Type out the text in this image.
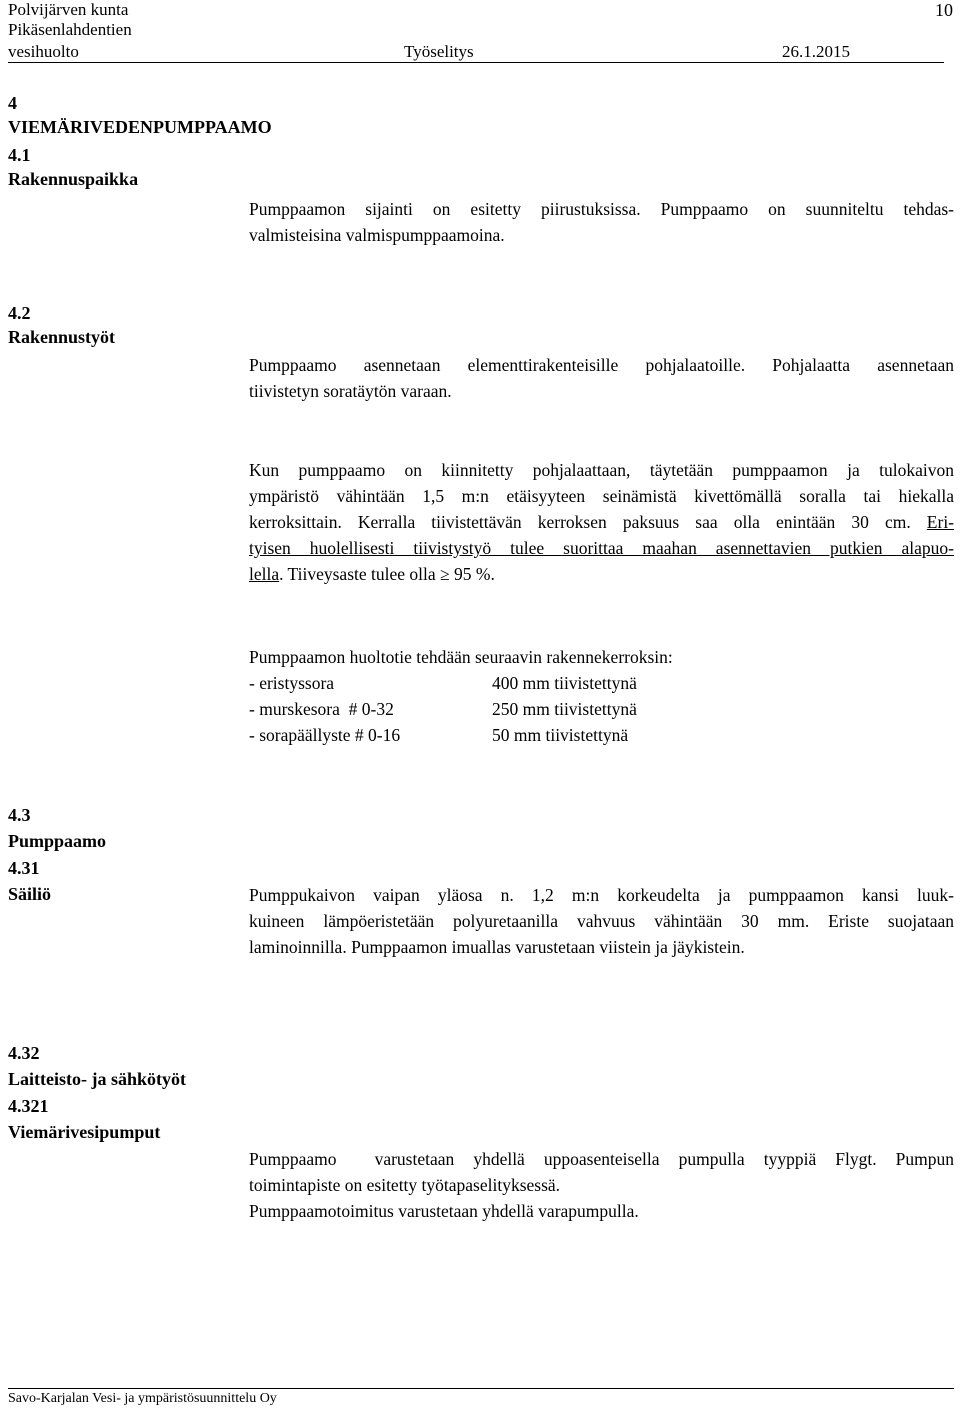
Polvijärven kunta
Pikäsenlahdentien

vesihuolto	Työselitys	26.1.2015
10
4
VIEMÄRIVEDENPUMPPAAMO
4.1
Rakennuspaikka
Pumppaamon sijainti on esitetty piirustuksissa. Pumppaamo on suunniteltu tehdas-
valmisteisina valmispumppaamoina.
4.2
Rakennustyöt
Pumppaamo asennetaan elementtirakenteisille pohjalaatoille. Pohjalaatta asennetaan
tiivistetyn soratäytön varaan.
Kun pumppaamo on kiinnitetty pohjalaattaan, täytetään pumppaamon ja tulokaivon
ympäristö vähintään 1,5 m:n etäisyyteen seinämistä kivettömällä soralla tai hiekalla
kerroksittain. Kerralla tiivistettävän kerroksen paksuus saa olla enintään 30 cm. Eri-
tyisen huolellisesti tiivistystyö tulee suorittaa maahan asennettavien putkien alapuo-
lella. Tiiveysaste tulee olla ≥ 95 %.
Pumppaamon huoltotie tehdään seuraavin rakennekerroksin:
- eristyssora	400 mm tiivistettynä
- murskesora  # 0-32	250 mm tiivistettynä
- sorapäällyste # 0-16	50 mm tiivistettynä
4.3
Pumppaamo
4.31
Säiliö	Pumppukaivon vaipan yläosa n. 1,2 m:n korkeudelta ja pumppaamon kansi luuk-
kuineen lämpöeristetään polyuretaanilla vahvuus vähintään 30 mm. Eriste suojataan
laminoinnilla. Pumppaamon imuallas varustetaan viistein ja jäykistein.
4.32
Laitteisto- ja sähkötyöt
4.321
Viemärivesipumput
Pumppaamo  varustetaan yhdellä uppoasenteisella pumpulla tyyppiä Flygt. Pumpun
toimintapiste on esitetty työtapaselityksessä.
Pumppaamotoimitus varustetaan yhdellä varapumpulla.
Savo-Karjalan Vesi- ja ympäristösuunnittelu Oy
